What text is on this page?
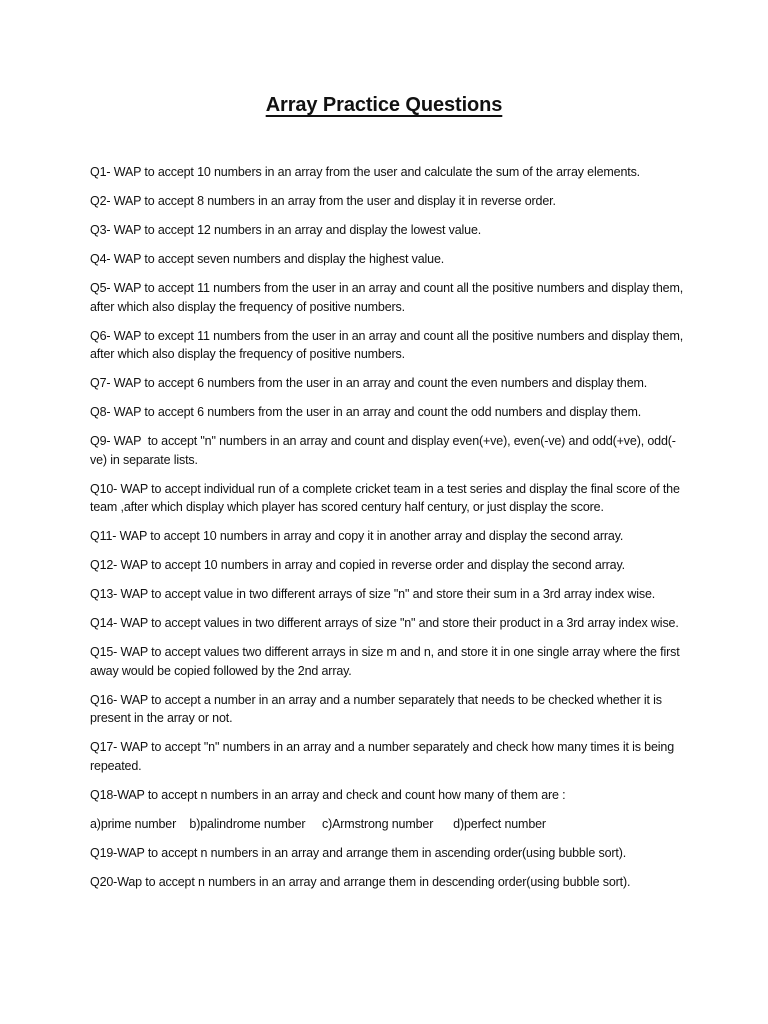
Array Practice Questions

Q1- WAP to accept 10 numbers in an array from the user and calculate the sum of the array elements.

Q2- WAP to accept 8 numbers in an array from the user and display it in reverse order.

Q3- WAP to accept 12 numbers in an array and display the lowest value.

Q4- WAP to accept seven numbers and display the highest value.

Q5- WAP to accept 11 numbers from the user in an array and count all the positive numbers and display them, after which also display the frequency of positive numbers.

Q6- WAP to except 11 numbers from the user in an array and count all the positive numbers and display them, after which also display the frequency of positive numbers.

Q7- WAP to accept 6 numbers from the user in an array and count the even numbers and display them.

Q8- WAP to accept 6 numbers from the user in an array and count the odd numbers and display them.

Q9- WAP  to accept "n" numbers in an array and count and display even(+ve), even(-ve) and odd(+ve), odd(-ve) in separate lists.

Q10- WAP to accept individual run of a complete cricket team in a test series and display the final score of the team ,after which display which player has scored century half century, or just display the score.

Q11- WAP to accept 10 numbers in array and copy it in another array and display the second array.

Q12- WAP to accept 10 numbers in array and copied in reverse order and display the second array.

Q13- WAP to accept value in two different arrays of size "n" and store their sum in a 3rd array index wise.

Q14- WAP to accept values in two different arrays of size "n" and store their product in a 3rd array index wise.

Q15- WAP to accept values two different arrays in size m and n, and store it in one single array where the first away would be copied followed by the 2nd array.

Q16- WAP to accept a number in an array and a number separately that needs to be checked whether it is present in the array or not.

Q17- WAP to accept "n" numbers in an array and a number separately and check how many times it is being repeated.

Q18-WAP to accept n numbers in an array and check and count how many of them are :

a)prime number    b)palindrome number     c)Armstrong number      d)perfect number

Q19-WAP to accept n numbers in an array and arrange them in ascending order(using bubble sort).

Q20-Wap to accept n numbers in an array and arrange them in descending order(using bubble sort).
